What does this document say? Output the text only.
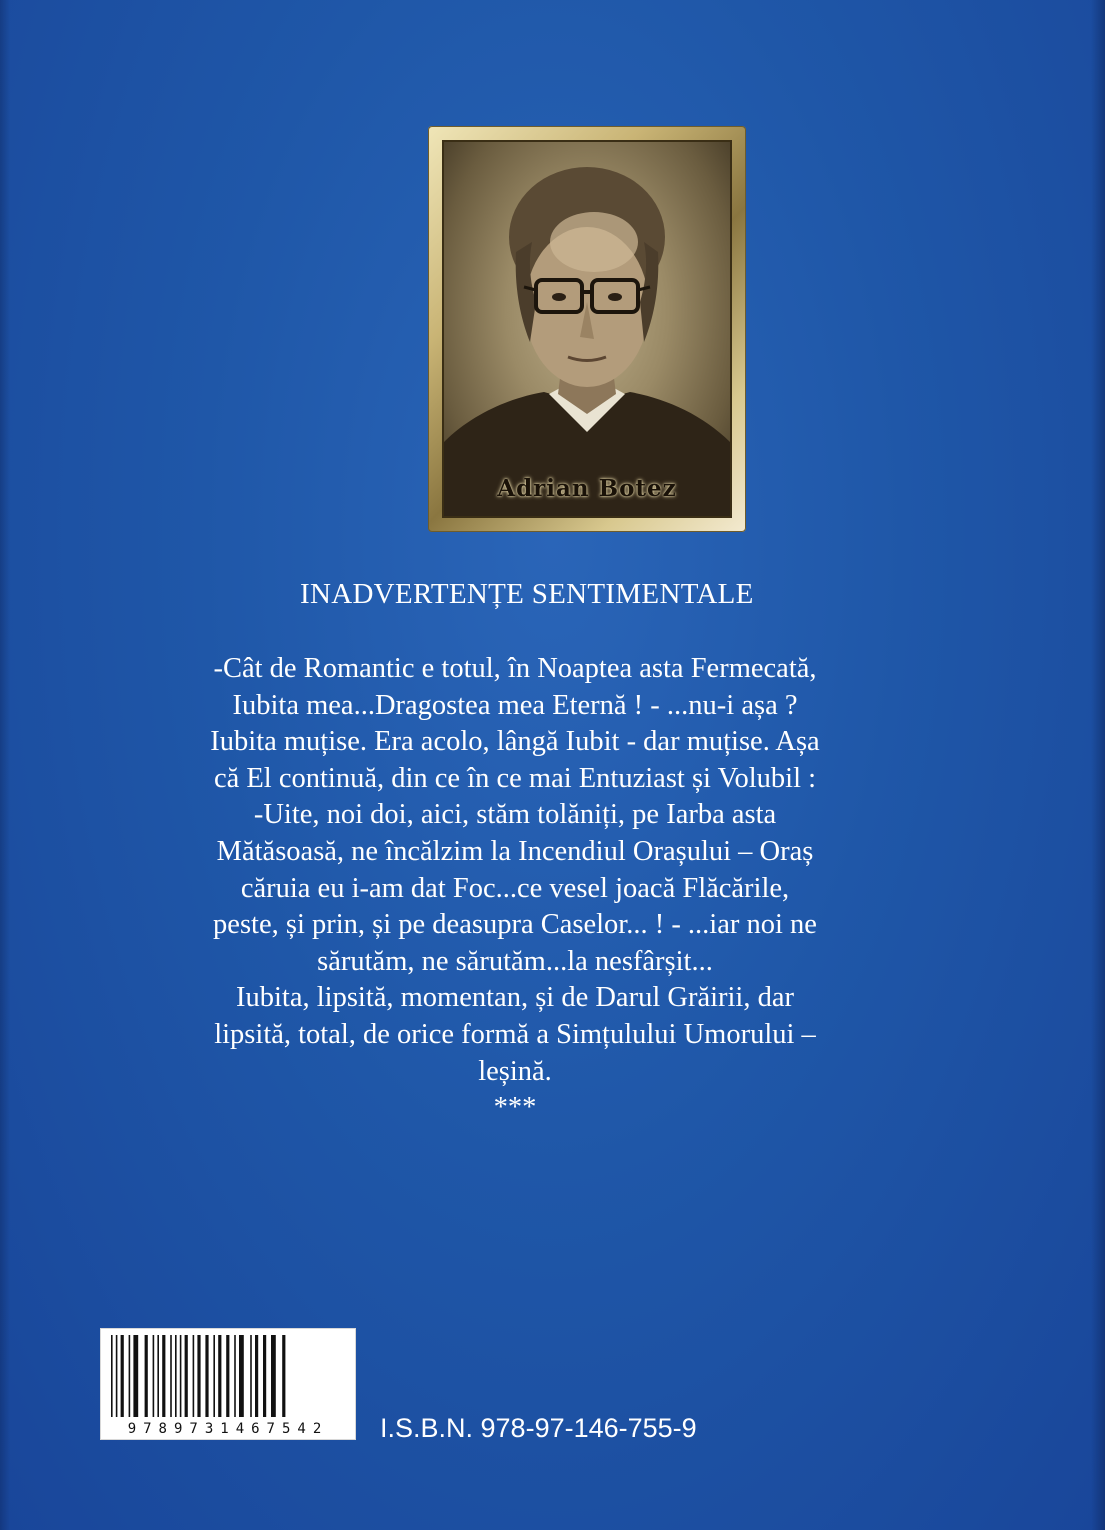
Adrian Botez
INADVERTENȚE SENTIMENTALE
-Cât de Romantic e totul, în Noaptea asta Fermecată,
Iubita mea...Dragostea mea Eternă ! - ...nu-i așa ?
Iubita muțise. Era acolo, lângă Iubit - dar muțise. Așa
că El continuă, din ce în ce mai Entuziast și Volubil :
-Uite, noi doi, aici, stăm tolăniți, pe Iarba asta
Mătăsoasă, ne încălzim la Incendiul Orașului – Oraș
căruia eu i-am dat Foc...ce vesel joacă Flăcările,
peste, și prin, și pe deasupra Caselor... ! - ...iar noi ne
sărutăm, ne sărutăm...la nesfârșit...
Iubita, lipsită, momentan, și de Darul Grăirii, dar
lipsită, total, de orice formă a Simțulului Umorului –
leșină.
***
9789731467542	I.S.B.N. 978-97-146-755-9
